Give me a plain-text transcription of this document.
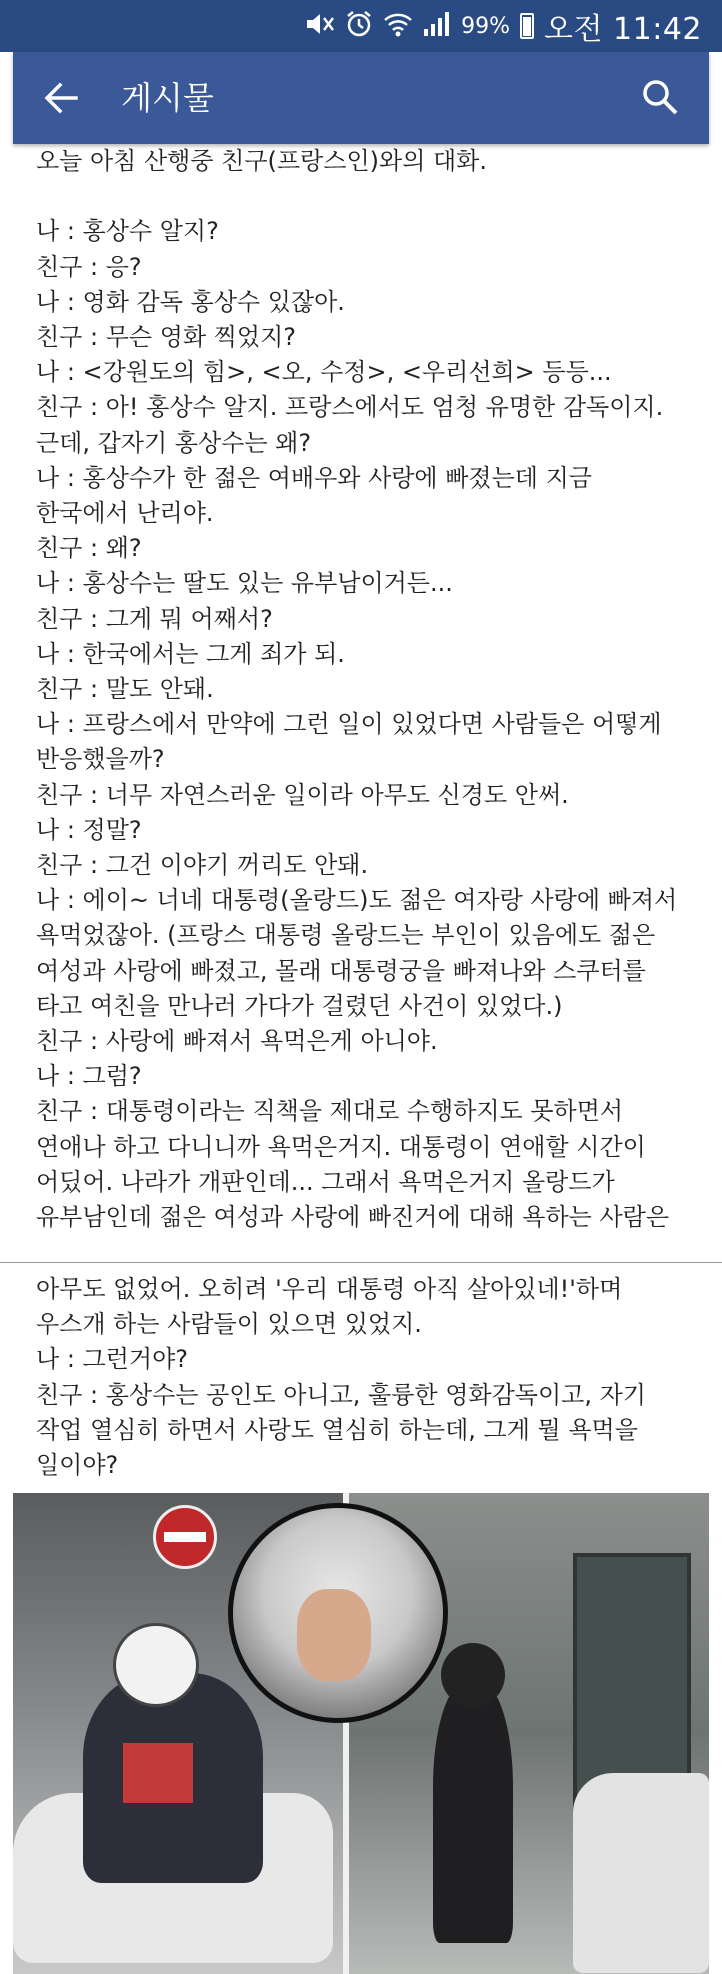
99% 오전 11:42
게시물
오늘 아침 산행중 친구(프랑스인)와의 대화.

나 : 홍상수 알지?
친구 : 응?
나 : 영화 감독 홍상수 있잖아.
친구 : 무슨 영화 찍었지?
나 : <강원도의 힘>, <오, 수정>, <우리선희> 등등...
친구 : 아! 홍상수 알지. 프랑스에서도 엄청 유명한 감독이지.
근데, 갑자기 홍상수는 왜?
나 : 홍상수가 한 젊은 여배우와 사랑에 빠졌는데 지금
한국에서 난리야.
친구 : 왜?
나 : 홍상수는 딸도 있는 유부남이거든...
친구 : 그게 뭐 어째서?
나 : 한국에서는 그게 죄가 되.
친구 : 말도 안돼.
나 : 프랑스에서 만약에 그런 일이 있었다면 사람들은 어떻게
반응했을까?
친구 : 너무 자연스러운 일이라 아무도 신경도 안써.
나 : 정말?
친구 : 그건 이야기 꺼리도 안돼.
나 : 에이~ 너네 대통령(올랑드)도 젊은 여자랑 사랑에 빠져서
욕먹었잖아. (프랑스 대통령 올랑드는 부인이 있음에도 젊은
여성과 사랑에 빠졌고, 몰래 대통령궁을 빠져나와 스쿠터를
타고 여친을 만나러 가다가 걸렸던 사건이 있었다.)
친구 : 사랑에 빠져서 욕먹은게 아니야.
나 : 그럼?
친구 : 대통령이라는 직책을 제대로 수행하지도 못하면서
연애나 하고 다니니까 욕먹은거지. 대통령이 연애할 시간이
어딨어. 나라가 개판인데... 그래서 욕먹은거지 올랑드가
유부남인데 젊은 여성과 사랑에 빠진거에 대해 욕하는 사람은
아무도 없었어. 오히려 '우리 대통령 아직 살아있네!'하며
우스개 하는 사람들이 있으면 있었지.
나 : 그런거야?
친구 : 홍상수는 공인도 아니고, 훌륭한 영화감독이고, 자기
작업 열심히 하면서 사랑도 열심히 하는데, 그게 뭘 욕먹을
일이야?
